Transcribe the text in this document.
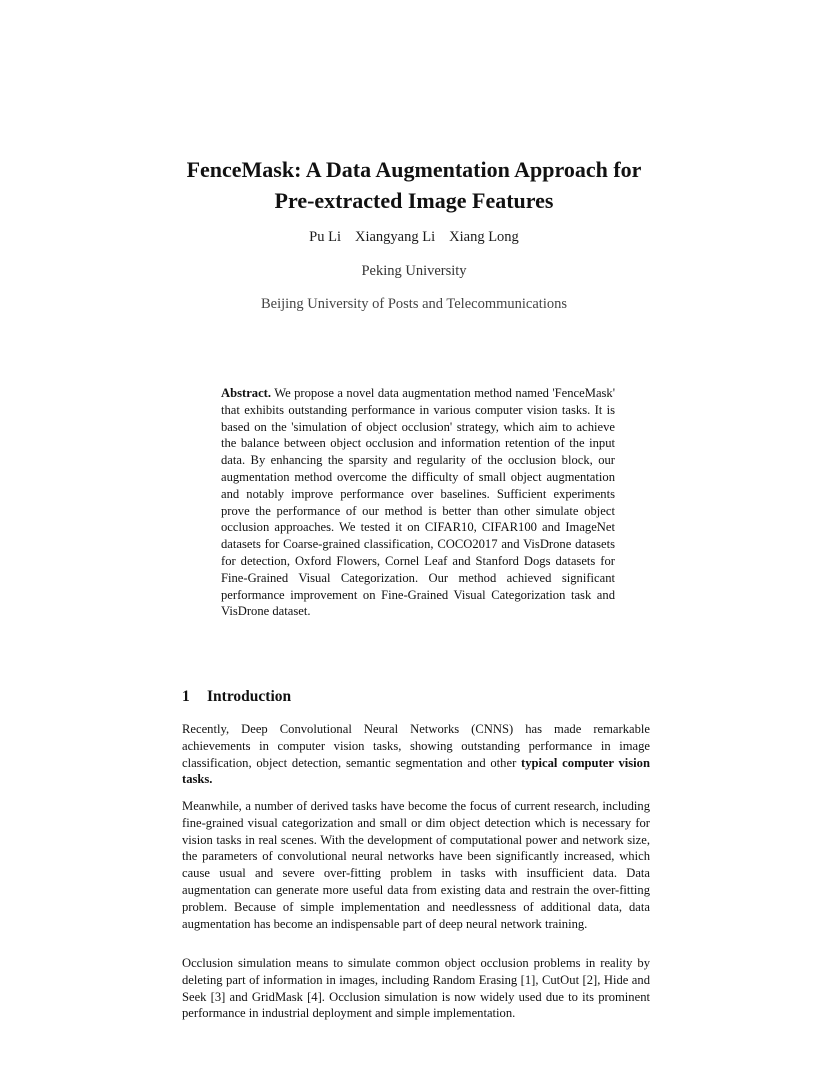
FenceMask: A Data Augmentation Approach for
Pre-extracted Image Features
Pu Li Xiangyang Li Xiang Long
Peking University
Beijing University of Posts and Telecommunications
Abstract. We propose a novel data augmentation method named 'FenceMask' that exhibits outstanding performance in various computer vision tasks. It is based on the 'simulation of object occlusion' strategy, which aim to achieve the balance between object occlusion and information retention of the input data. By enhancing the sparsity and regularity of the occlusion block, our augmentation method overcome the difficulty of small object augmentation and notably improve performance over baselines. Sufficient experiments prove the performance of our method is better than other simulate object occlusion approaches. We tested it on CIFAR10, CIFAR100 and ImageNet datasets for Coarse-grained classification, COCO2017 and VisDrone datasets for detection, Oxford Flowers, Cornel Leaf and Stanford Dogs datasets for Fine-Grained Visual Categorization. Our method achieved significant performance improvement on Fine-Grained Visual Categorization task and VisDrone dataset.
1 Introduction
Recently, Deep Convolutional Neural Networks (CNNS) has made remarkable achievements in computer vision tasks, showing outstanding performance in image classification, object detection, semantic segmentation and other typical computer vision tasks.
Meanwhile, a number of derived tasks have become the focus of current research, including fine-grained visual categorization and small or dim object detection which is necessary for vision tasks in real scenes. With the development of computational power and network size, the parameters of convolutional neural networks have been significantly increased, which cause usual and severe over-fitting problem in tasks with insufficient data. Data augmentation can generate more useful data from existing data and restrain the over-fitting problem. Because of simple implementation and needlessness of additional data, data augmentation has become an indispensable part of deep neural network training.
Occlusion simulation means to simulate common object occlusion problems in reality by deleting part of information in images, including Random Erasing [1], CutOut [2], Hide and Seek [3] and GridMask [4]. Occlusion simulation is now widely used due to its prominent performance in industrial deployment and simple implementation.
